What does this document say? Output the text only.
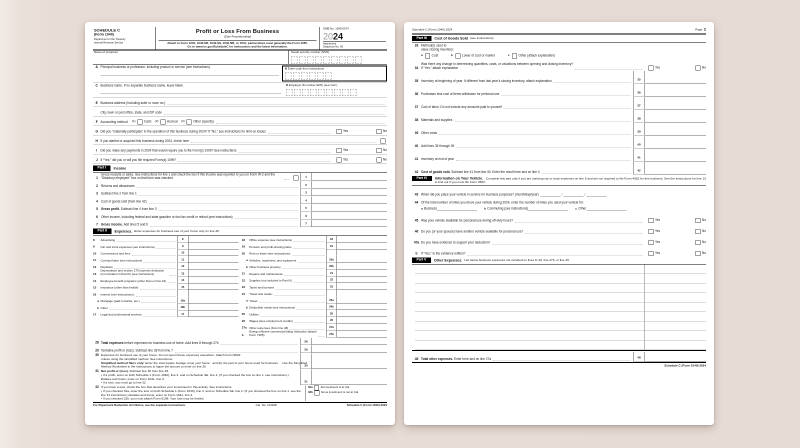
SCHEDULE C
(Form 1040)
Department of the Treasury
Internal Revenue Service
Profit or Loss From Business
(Sole Proprietorship)
Attach to Form 1040, 1040-SR, 1040-SS, 1040-NR, or 1041; partnerships must generally file Form 1065.
Go to www.irs.gov/ScheduleC for instructions and the latest information.
OMB No. 1545-0074
2024
Attachment
Sequence No. 09
Name of proprietor	Social security number (SSN)
A Principal business or profession, including product or service (see instructions)	B Enter code from instructions
C Business name. If no separate business name, leave blank.	D Employer ID number (EIN) (see instr.)
E Business address (including suite or room no.)
City, town or post office, state, and ZIP code
F Accounting method: (1) Cash (2) Accrual (3) Other (specify)
G Did you “materially participate” in the operation of this business during 2024? If “No,” see instructions for limit on losses	Yes	No
H If you started or acquired this business during 2024, check here
I Did you make any payments in 2024 that would require you to file Form(s) 1099? See instructions	Yes	No
J If “Yes,” did you or will you file required Form(s) 1099?	Yes	No
Part I	Income
1
Gross receipts or sales. See instructions for line 1 and check the box if this income was reported to you on Form W-2 and the “Statutory employee” box on that form was checked	1
2 Returns and allowances	2
3 Subtract line 2 from line 1	3
4 Cost of goods sold (from line 42)	4
5 Gross profit. Subtract line 4 from line 3	5
6 Other income, including federal and state gasoline or fuel tax credit or refund (see instructions)	6
7 Gross income. Add lines 5 and 6	7
Part II	Expenses. Enter expenses for business use of your home only on line 30.
8 Advertising	8
9 Car and truck expenses (see instructions)	9
10 Commissions and fees	10
11 Contract labor (see instructions)	11
12 Depletion	12
13
Depreciation and section 179 expense deduction (not included in Part III) (see instructions)	13
14 Employee benefit programs (other than on line 19)	14
15 Insurance (other than health)	15
16 Interest (see instructions):
a Mortgage (paid to banks, etc.)	16a
b Other	16b
17 Legal and professional services	17
18 Office expense (see instructions)	18
19 Pension and profit-sharing plans	19
20 Rent or lease (see instructions):
a Vehicles, machinery, and equipment	20a
b Other business property	20b
21 Repairs and maintenance	21
22 Supplies (not included in Part III)	22
23 Taxes and licenses	23
24 Travel and meals:
a Travel	24a
b Deductible meals (see instructions)	24b
25 Utilities	25
26 Wages (less employment credits)	26
27a Other expenses (from line 48)	27a
b
Energy efficient commercial bldgs deduction (attach Form 7205)	27b
28 Total expenses before expenses for business use of home. Add lines 8 through 27b	28
29 Tentative profit or (loss). Subtract line 28 from line 7	29
30 Expenses for business use of your home. Do not report these expenses elsewhere. Attach Form 8829
unless using the simplified method. See instructions.
Simplified method filers only: Enter the total square footage of (a) your home: and (b) the part of your home used for business: . Use the Simplified
Method Worksheet in the instructions to figure the amount to enter on line 30	30
31 Net profit or (loss). Subtract line 30 from line 29.
• If a profit, enter on both Schedule 1 (Form 1040), line 3, and on Schedule SE, line 2. (If you checked the box on line 1, see instructions.) Estates and trusts, enter on Form 1041, line 3.
• If a loss, you must go to line 32.	31
32 If you have a loss, check the box that describes your investment in this activity. See instructions.
• If you checked 32a, enter the loss on both Schedule 1 (Form 1040), line 3, and on Schedule SE, line 2. (If you checked the box on line 1, see the line 31 instructions.) Estates and trusts, enter on Form 1041, line 3.
• If you checked 32b, you must attach Form 6198. Your loss may be limited.
32a All investment is at risk.
32b Some investment is not at risk.
For Paperwork Reduction Act Notice, see the separate instructions.	Cat. No. 11334P	Schedule C (Form 1040) 2024
Schedule C (Form 1040) 2024	Page 2
Part III	Cost of Goods Sold (see instructions)
33 Method(s) used to
value closing inventory:
a Cost b Lower of cost or market c Other (attach explanation)
34
Was there any change in determining quantities, costs, or valuations between opening and closing inventory?
If “Yes,” attach explanation	Yes	No
35 Inventory at beginning of year. If different from last year’s closing inventory, attach explanation	35
36 Purchases less cost of items withdrawn for personal use	36
37 Cost of labor. Do not include any amounts paid to yourself	37
38 Materials and supplies	38
39 Other costs	39
40 Add lines 35 through 39	40
41 Inventory at end of year	41
42 Cost of goods sold. Subtract line 41 from line 40. Enter the result here and on line 4	42
Part IV	Information on Your Vehicle. Complete this part only if you are claiming car or truck expenses on line 9 and are not required to file Form 4562 for this business. See the instructions for line 13 to find out if you must file Form 4562.
43 When did you place your vehicle in service for business purposes? (month/day/year)	/	/
44 Of the total number of miles you drove your vehicle during 2024, enter the number of miles you used your vehicle for:
a Business	b Commuting (see instructions)	c Other
45 Was your vehicle available for personal use during off-duty hours?	Yes	No
46 Do you (or your spouse) have another vehicle available for personal use?	Yes	No
47a Do you have evidence to support your deduction?	Yes	No
b If “Yes,” is the evidence written?	Yes	No
Part V	Other Expenses. List below business expenses not included on lines 8–26, line 27b, or line 30.
48 Total other expenses. Enter here and on line 27a	48
Schedule C (Form 1040) 2024
